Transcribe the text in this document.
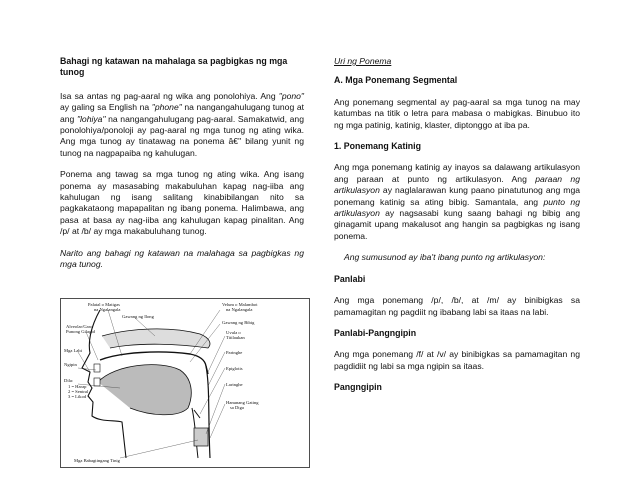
Bahagi ng katawan na mahalaga sa pagbigkas ng mga tunog

Isa sa antas ng pag-aaral ng wika ang ponolohiya. Ang "pono" ay galing sa English na "phone" na nangangahulugang tunog at ang "lohiya" na nangangahulugang pag-aaral. Samakatwid, ang ponolohiya/ponoloji ay pag-aaral ng mga tunog ng ating wika. Ang mga tunog ay tinatawag na ponema â€" bilang yunit ng tunog na nagpapaiba ng kahulugan.

Ponema ang tawag sa mga tunog ng ating wika. Ang isang ponema ay masasabing makabuluhan kapag nag-iiba ang kahulugan ng isang salitang kinabibilangan nito sa pagkakataong mapapalitan ng ibang ponema. Halimbawa, ang pasa at basa ay nag-iiba ang kahulugan kapag pinalitan. Ang /p/ at /b/ ay mga makabuluhang tunog.

Narito ang bahagi ng katawan na malahaga sa pagbigkas ng mga tunog.

Palatal o Matigas
na Ngalangala
Gawang ng Ilong
Velum o Malambot
na Ngalangala
Gawang ng Bibig
Alveolar/Gawi
Punong Gilagid	Uvula o
Titilaukan
Mga Labi	Paringhe
Ngipin
Epiglotis
Dila:
1 = Harap
2 = Sentral
3 = Likod
Laringhe
Hanunang Gating
sa Diga
Mga Babagtingang Tinig

Uri ng Ponema

A. Mga Ponemang Segmental

Ang ponemang segmental ay pag-aaral sa mga tunog na may katumbas na titik o letra para mabasa o mabigkas. Binubuo ito ng mga patinig, katinig, klaster, diptonggo at iba pa.

1. Ponemang Katinig

Ang mga ponemang katinig ay inayos sa dalawang artikulasyon ang paraan at punto ng artikulasyon. Ang paraan ng artikulasyon ay naglalarawan kung paano pinatutunog ang mga ponemang katinig sa ating bibig. Samantala, ang punto ng artikulasyon ay nagsasabi kung saang bahagi ng bibig ang ginagamit upang makalusot ang hangin sa pagbigkas ng isang ponema.

Ang sumusunod ay iba't ibang punto ng artikulasyon:

Panlabi

Ang mga ponemang /p/, /b/, at /m/ ay binibigkas sa pamamagitan ng pagdiit ng ibabang labi sa itaas na labi.

Panlabi-Pangngipin

Ang mga ponemang /f/ at /v/ ay binibigkas sa pamamagitan ng pagdidiit ng labi sa mga ngipin sa itaas.

Pangngipin
